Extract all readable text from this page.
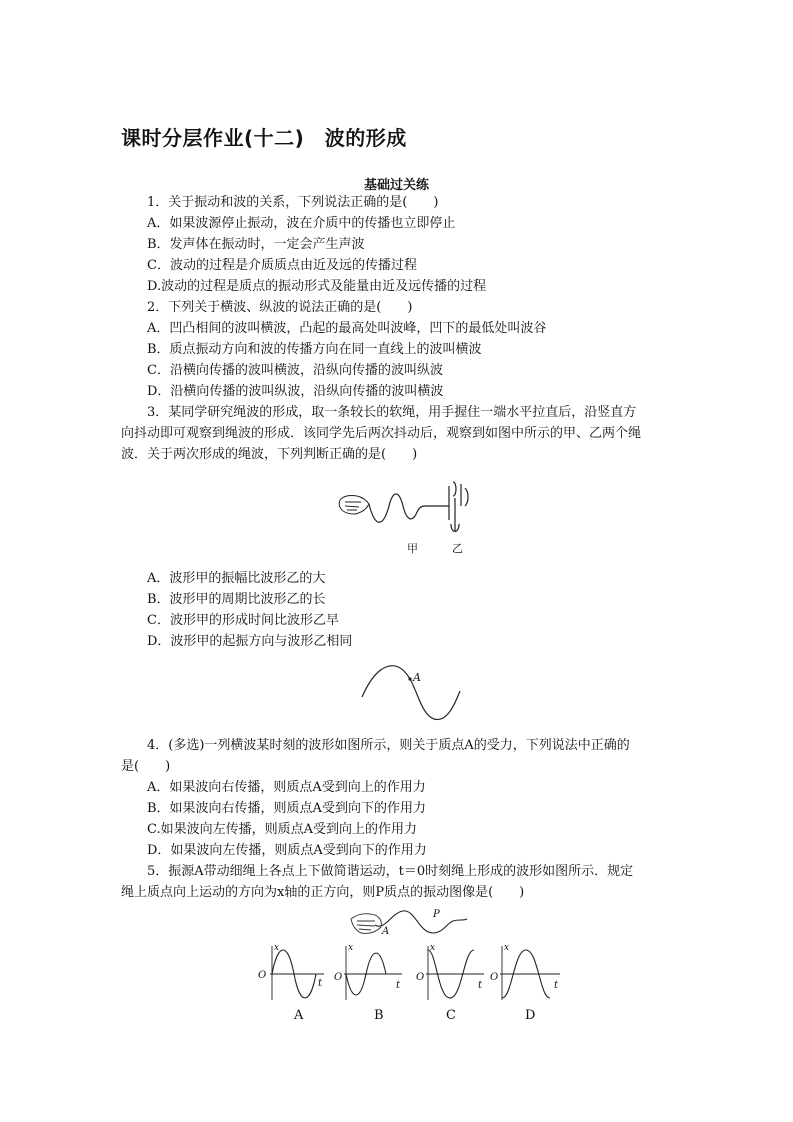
课时分层作业(十二)　波的形成
基础过关练
1．关于振动和波的关系，下列说法正确的是(　　)
A．如果波源停止振动，波在介质中的传播也立即停止
B．发声体在振动时，一定会产生声波
C．波动的过程是介质质点由近及远的传播过程
D.波动的过程是质点的振动形式及能量由近及远传播的过程
2．下列关于横波、纵波的说法正确的是(　　)
A．凹凸相间的波叫横波，凸起的最高处叫波峰，凹下的最低处叫波谷
B．质点振动方向和波的传播方向在同一直线上的波叫横波
C．沿横向传播的波叫横波，沿纵向传播的波叫纵波
D．沿横向传播的波叫纵波，沿纵向传播的波叫横波
3．某同学研究绳波的形成，取一条较长的软绳，用手握住一端水平拉直后，沿竖直方
向抖动即可观察到绳波的形成．该同学先后两次抖动后，观察到如图中所示的甲、乙两个绳
波．关于两次形成的绳波，下列判断正确的是(　　)
甲	乙
A．波形甲的振幅比波形乙的大
B．波形甲的周期比波形乙的长
C．波形甲的形成时间比波形乙早
D．波形甲的起振方向与波形乙相同
A
4．(多选)一列横波某时刻的波形如图所示，则关于质点A的受力，下列说法中正确的
是(　　)
A．如果波向右传播，则质点A受到向上的作用力
B．如果波向右传播，则质点A受到向下的作用力
C.如果波向左传播，则质点A受到向上的作用力
D．如果波向左传播，则质点A受到向下的作用力
5．振源A带动细绳上各点上下做简谐运动，t＝0时刻绳上形成的波形如图所示．规定
绳上质点向上运动的方向为x轴的正方向，则P质点的振动图像是(　　)
A
P
O
t
x
O
t
x
O
t
x
O
t
x
A	B	C	D
